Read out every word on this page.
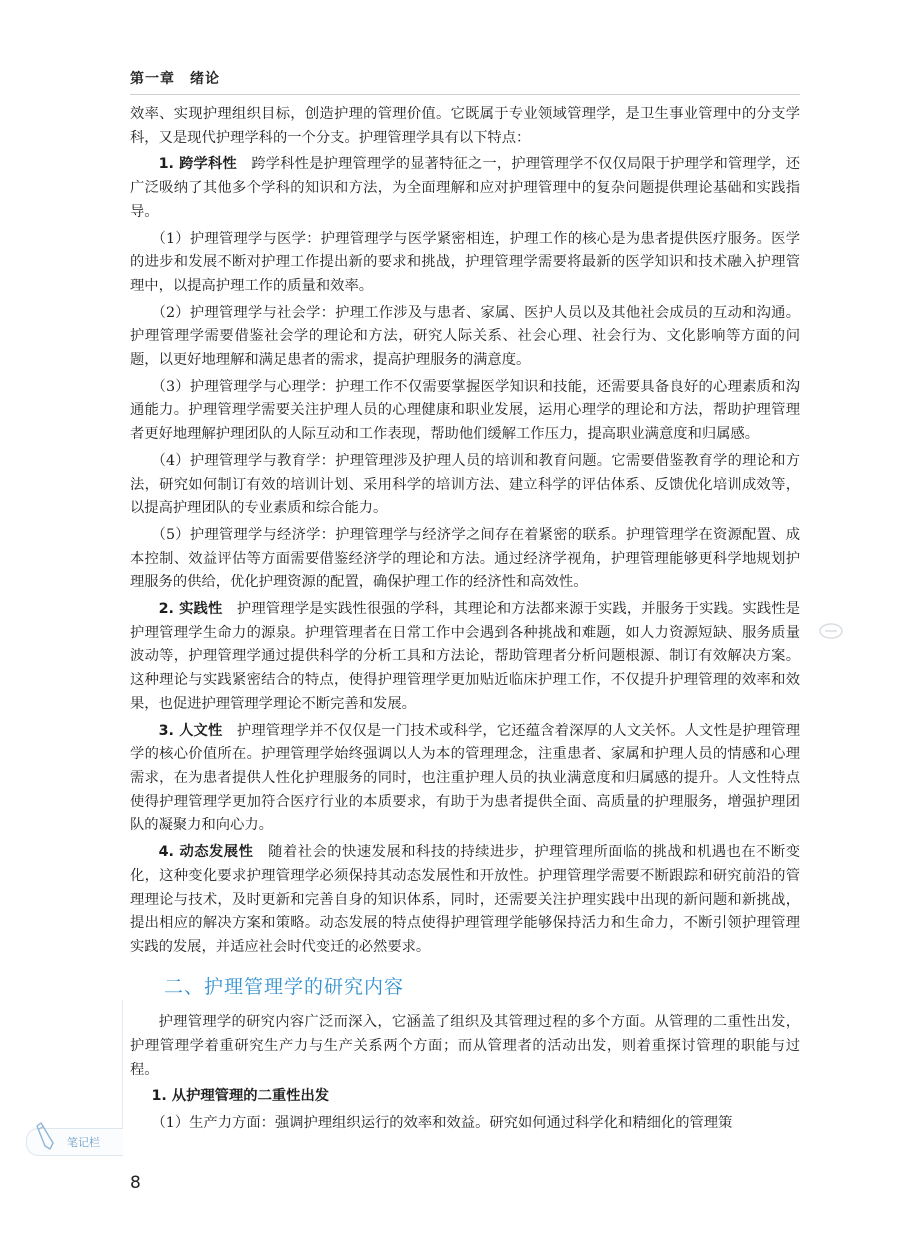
第一章　绪论

效率、实现护理组织目标，创造护理的管理价值。它既属于专业领域管理学，是卫生事业管理中的分支学科，又是现代护理学科的一个分支。护理管理学具有以下特点：

1. 跨学科性　跨学科性是护理管理学的显著特征之一，护理管理学不仅仅局限于护理学和管理学，还广泛吸纳了其他多个学科的知识和方法，为全面理解和应对护理管理中的复杂问题提供理论基础和实践指导。

（1）护理管理学与医学：护理管理学与医学紧密相连，护理工作的核心是为患者提供医疗服务。医学的进步和发展不断对护理工作提出新的要求和挑战，护理管理学需要将最新的医学知识和技术融入护理管理中，以提高护理工作的质量和效率。

（2）护理管理学与社会学：护理工作涉及与患者、家属、医护人员以及其他社会成员的互动和沟通。护理管理学需要借鉴社会学的理论和方法，研究人际关系、社会心理、社会行为、文化影响等方面的问题，以更好地理解和满足患者的需求，提高护理服务的满意度。

（3）护理管理学与心理学：护理工作不仅需要掌握医学知识和技能，还需要具备良好的心理素质和沟通能力。护理管理学需要关注护理人员的心理健康和职业发展，运用心理学的理论和方法，帮助护理管理者更好地理解护理团队的人际互动和工作表现，帮助他们缓解工作压力，提高职业满意度和归属感。

（4）护理管理学与教育学：护理管理涉及护理人员的培训和教育问题。它需要借鉴教育学的理论和方法，研究如何制订有效的培训计划、采用科学的培训方法、建立科学的评估体系、反馈优化培训成效等，以提高护理团队的专业素质和综合能力。

（5）护理管理学与经济学：护理管理学与经济学之间存在着紧密的联系。护理管理学在资源配置、成本控制、效益评估等方面需要借鉴经济学的理论和方法。通过经济学视角，护理管理能够更科学地规划护理服务的供给，优化护理资源的配置，确保护理工作的经济性和高效性。

2. 实践性　护理管理学是实践性很强的学科，其理论和方法都来源于实践，并服务于实践。实践性是护理管理学生命力的源泉。护理管理者在日常工作中会遇到各种挑战和难题，如人力资源短缺、服务质量波动等，护理管理学通过提供科学的分析工具和方法论，帮助管理者分析问题根源、制订有效解决方案。这种理论与实践紧密结合的特点，使得护理管理学更加贴近临床护理工作，不仅提升护理管理的效率和效果，也促进护理管理学理论不断完善和发展。

3. 人文性　护理管理学并不仅仅是一门技术或科学，它还蕴含着深厚的人文关怀。人文性是护理管理学的核心价值所在。护理管理学始终强调以人为本的管理理念，注重患者、家属和护理人员的情感和心理需求，在为患者提供人性化护理服务的同时，也注重护理人员的执业满意度和归属感的提升。人文性特点使得护理管理学更加符合医疗行业的本质要求，有助于为患者提供全面、高质量的护理服务，增强护理团队的凝聚力和向心力。

4. 动态发展性　随着社会的快速发展和科技的持续进步，护理管理所面临的挑战和机遇也在不断变化，这种变化要求护理管理学必须保持其动态发展性和开放性。护理管理学需要不断跟踪和研究前沿的管理理论与技术，及时更新和完善自身的知识体系，同时，还需要关注护理实践中出现的新问题和新挑战，提出相应的解决方案和策略。动态发展的特点使得护理管理学能够保持活力和生命力，不断引领护理管理实践的发展，并适应社会时代变迁的必然要求。

二、护理管理学的研究内容

护理管理学的研究内容广泛而深入，它涵盖了组织及其管理过程的多个方面。从管理的二重性出发，护理管理学着重研究生产力与生产关系两个方面；而从管理者的活动出发，则着重探讨管理的职能与过程。

1. 从护理管理的二重性出发

（1）生产力方面：强调护理组织运行的效率和效益。研究如何通过科学化和精细化的管理策

笔记栏
8
